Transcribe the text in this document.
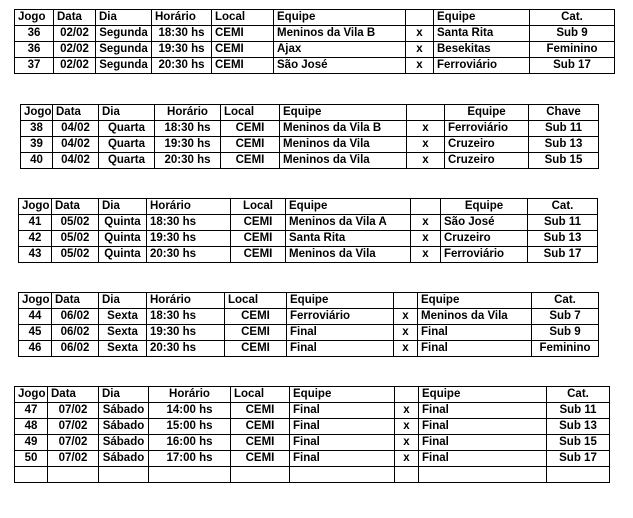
Jogo	Data	Dia	Horário	Local	Equipe		Equipe	Cat.
36	02/02	Segunda	18:30 hs	CEMI	Meninos da Vila B	x	Santa Rita	Sub 9
36	02/02	Segunda	19:30 hs	CEMI	Ajax	x	Besekitas	Feminino
37	02/02	Segunda	20:30 hs	CEMI	São José	x	Ferroviário	Sub 17
Jogo	Data	Dia	Horário	Local	Equipe		Equipe	Chave
38	04/02	Quarta	18:30 hs	CEMI	Meninos da Vila B	x	Ferroviário	Sub 11
39	04/02	Quarta	19:30 hs	CEMI	Meninos da Vila	x	Cruzeiro	Sub 13
40	04/02	Quarta	20:30 hs	CEMI	Meninos da Vila	x	Cruzeiro	Sub 15
Jogo	Data	Dia	Horário	Local	Equipe		Equipe	Cat.
41	05/02	Quinta	18:30 hs	CEMI	Meninos da Vila A	x	São José	Sub 11
42	05/02	Quinta	19:30 hs	CEMI	Santa Rita	x	Cruzeiro	Sub 13
43	05/02	Quinta	20:30 hs	CEMI	Meninos da Vila	x	Ferroviário	Sub 17
Jogo	Data	Dia	Horário	Local	Equipe		Equipe	Cat.
44	06/02	Sexta	18:30 hs	CEMI	Ferroviário	x	Meninos da Vila	Sub 7
45	06/02	Sexta	19:30 hs	CEMI	Final	x	Final	Sub 9
46	06/02	Sexta	20:30 hs	CEMI	Final	x	Final	Feminino
Jogo	Data	Dia	Horário	Local	Equipe		Equipe	Cat.
47	07/02	Sábado	14:00 hs	CEMI	Final	x	Final	Sub 11
48	07/02	Sábado	15:00 hs	CEMI	Final	x	Final	Sub 13
49	07/02	Sábado	16:00 hs	CEMI	Final	x	Final	Sub 15
50	07/02	Sábado	17:00 hs	CEMI	Final	x	Final	Sub 17
